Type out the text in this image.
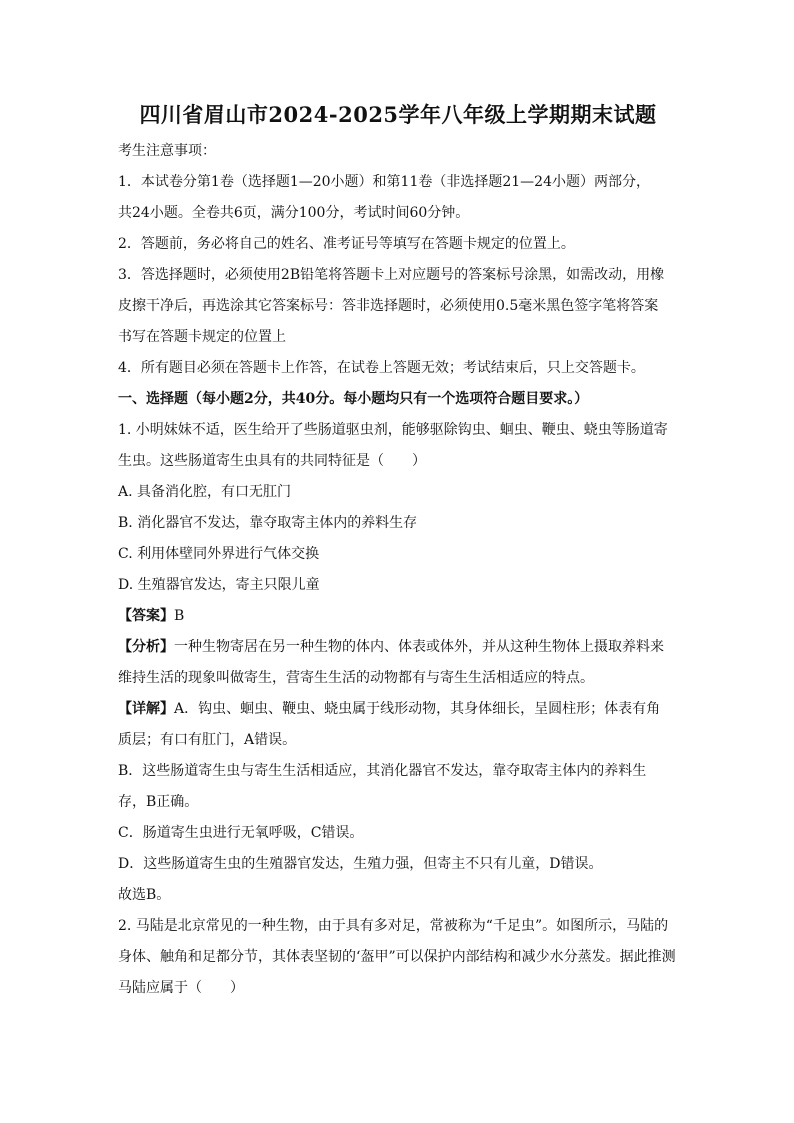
四川省眉山市2024-2025学年八年级上学期期末试题
考生注意事项：
1．本试卷分第1卷（选择题1—20小题）和第11卷（非选择题21—24小题）两部分，
共24小题。全卷共6页，满分100分，考试时间60分钟。
2．答题前，务必将自己的姓名、准考证号等填写在答题卡规定的位置上。
3．答选择题时，必须使用2B铅笔将答题卡上对应题号的答案标号涂黑，如需改动，用橡
皮擦干净后，再选涂其它答案标号：答非选择题时，必须使用0.5毫米黑色签字笔将答案
书写在答题卡规定的位置上
4．所有题目必须在答题卡上作答，在试卷上答题无效；考试结束后，只上交答题卡。
一、选择题（每小题2分，共40分。每小题均只有一个选项符合题目要求。）
1. 小明妹妹不适，医生给开了些肠道驱虫剂，能够驱除钩虫、蛔虫、鞭虫、蛲虫等肠道寄
生虫。这些肠道寄生虫具有的共同特征是（　　）
A. 具备消化腔，有口无肛门
B. 消化器官不发达，靠夺取寄主体内的养料生存
C. 利用体壁同外界进行气体交换
D. 生殖器官发达，寄主只限儿童
【答案】B
【分析】一种生物寄居在另一种生物的体内、体表或体外，并从这种生物体上摄取养料来
维持生活的现象叫做寄生，营寄生生活的动物都有与寄生生活相适应的特点。
【详解】A．钩虫、蛔虫、鞭虫、蛲虫属于线形动物，其身体细长，呈圆柱形；体表有角
质层；有口有肛门，A错误。
B．这些肠道寄生虫与寄生生活相适应，其消化器官不发达，靠夺取寄主体内的养料生
存，B正确。
C．肠道寄生虫进行无氧呼吸，C错误。
D．这些肠道寄生虫的生殖器官发达，生殖力强，但寄主不只有儿童，D错误。
故选B。
2. 马陆是北京常见的一种生物，由于具有多对足，常被称为“千足虫”。如图所示，马陆的
身体、触角和足都分节，其体表坚韧的‘盔甲”可以保护内部结构和减少水分蒸发。据此推测
马陆应属于（　　）
